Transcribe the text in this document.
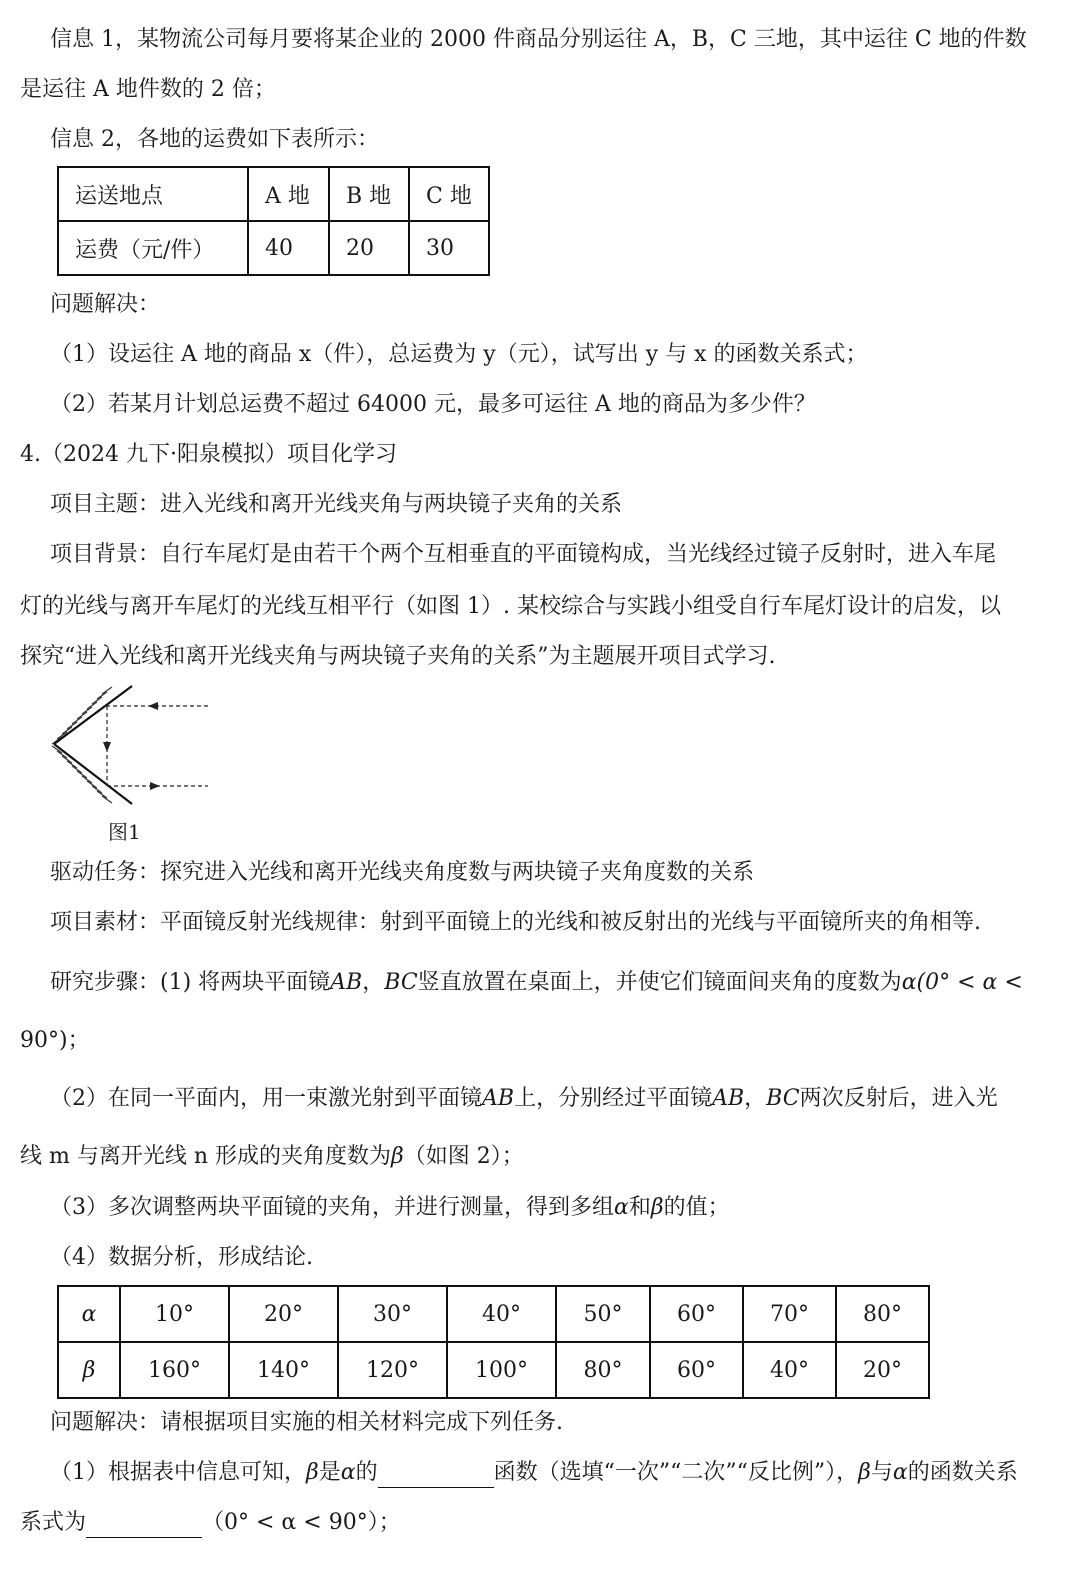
信息 1，某物流公司每月要将某企业的 2000 件商品分别运往 A，B，C 三地，其中运往 C 地的件数
是运往 A 地件数的 2 倍；
信息 2，各地的运费如下表所示：
运送地点	A 地	B 地	C 地
运费（元/件）	40	20	30
问题解决：
（1）设运往 A 地的商品 x（件），总运费为 y（元），试写出 y 与 x 的函数关系式；
（2）若某月计划总运费不超过 64000 元，最多可运往 A 地的商品为多少件？
4.（2024 九下·阳泉模拟）项目化学习
项目主题：进入光线和离开光线夹角与两块镜子夹角的关系
项目背景：自行车尾灯是由若干个两个互相垂直的平面镜构成，当光线经过镜子反射时，进入车尾
灯的光线与离开车尾灯的光线互相平行（如图 1）. 某校综合与实践小组受自行车尾灯设计的启发，以
探究“进入光线和离开光线夹角与两块镜子夹角的关系”为主题展开项目式学习.
图1
驱动任务：探究进入光线和离开光线夹角度数与两块镜子夹角度数的关系
项目素材：平面镜反射光线规律：射到平面镜上的光线和被反射出的光线与平面镜所夹的角相等.
研究步骤：(1) 将两块平面镜AB，BC竖直放置在桌面上，并使它们镜面间夹角的度数为α(0° < α <
90°)；
（2）在同一平面内，用一束激光射到平面镜AB上，分别经过平面镜AB，BC两次反射后，进入光
线 m 与离开光线 n 形成的夹角度数为β（如图 2）；
（3）多次调整两块平面镜的夹角，并进行测量，得到多组α和β的值；
（4）数据分析，形成结论.
α	10°	20°	30°	40°	50°	60°	70°	80°
β	160°	140°	120°	100°	80°	60°	40°	20°
问题解决：请根据项目实施的相关材料完成下列任务.
（1）根据表中信息可知，β是α的	函数（选填“一次”“二次”“反比例”），β与α的函数关系
系式为	（0° < α < 90°）；
